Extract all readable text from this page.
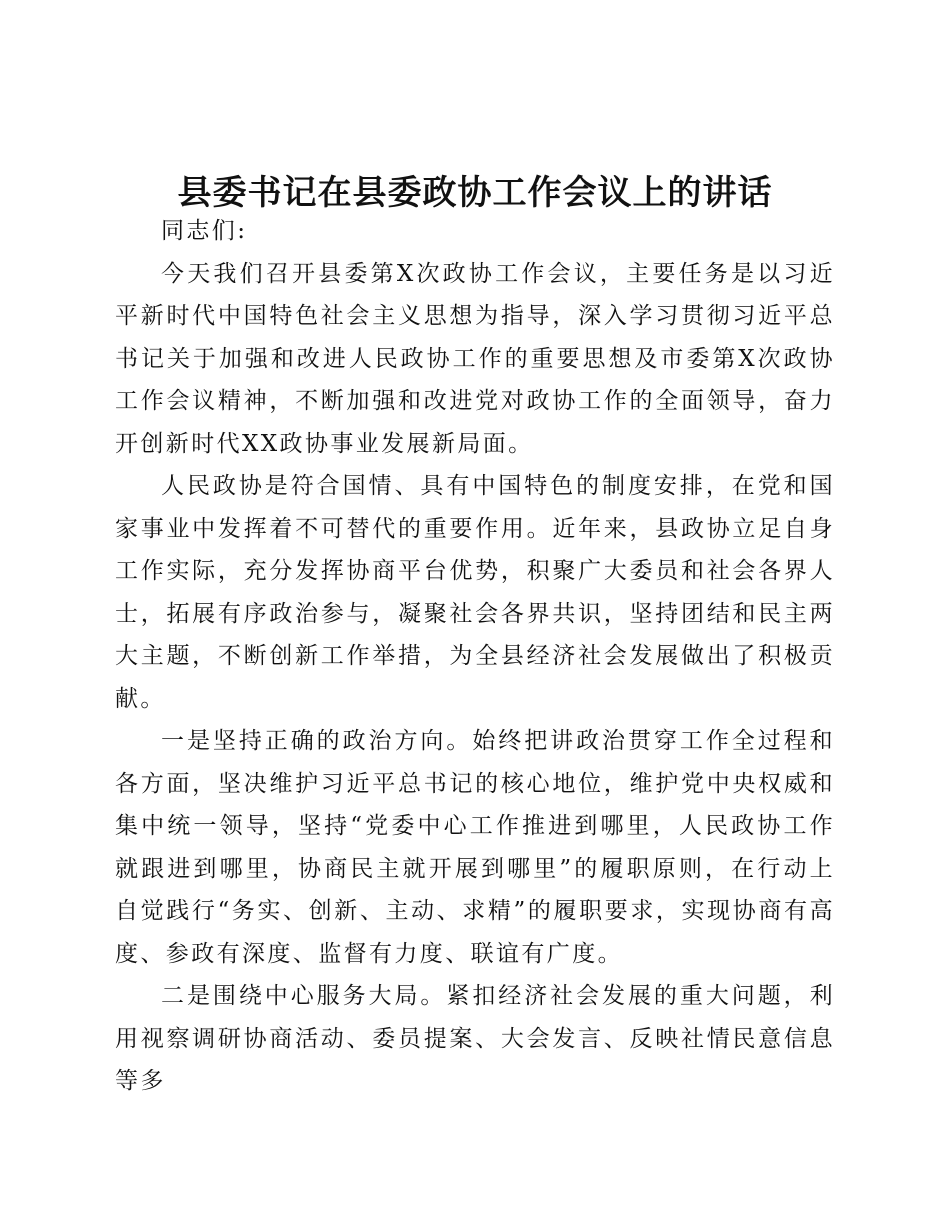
县委书记在县委政协工作会议上的讲话

同志们:

今天我们召开县委第X次政协工作会议，主要任务是以习近平新时代中国特色社会主义思想为指导，深入学习贯彻习近平总书记关于加强和改进人民政协工作的重要思想及市委第X次政协工作会议精神，不断加强和改进党对政协工作的全面领导，奋力开创新时代XX政协事业发展新局面。

人民政协是符合国情、具有中国特色的制度安排，在党和国家事业中发挥着不可替代的重要作用。近年来，县政协立足自身工作实际，充分发挥协商平台优势，积聚广大委员和社会各界人士，拓展有序政治参与，凝聚社会各界共识，坚持团结和民主两大主题，不断创新工作举措，为全县经济社会发展做出了积极贡献。

一是坚持正确的政治方向。始终把讲政治贯穿工作全过程和各方面，坚决维护习近平总书记的核心地位，维护党中央权威和集中统一领导，坚持“党委中心工作推进到哪里，人民政协工作就跟进到哪里，协商民主就开展到哪里”的履职原则，在行动上自觉践行“务实、创新、主动、求精”的履职要求，实现协商有高度、参政有深度、监督有力度、联谊有广度。

二是围绕中心服务大局。紧扣经济社会发展的重大问题，利用视察调研协商活动、委员提案、大会发言、反映社情民意信息等多
